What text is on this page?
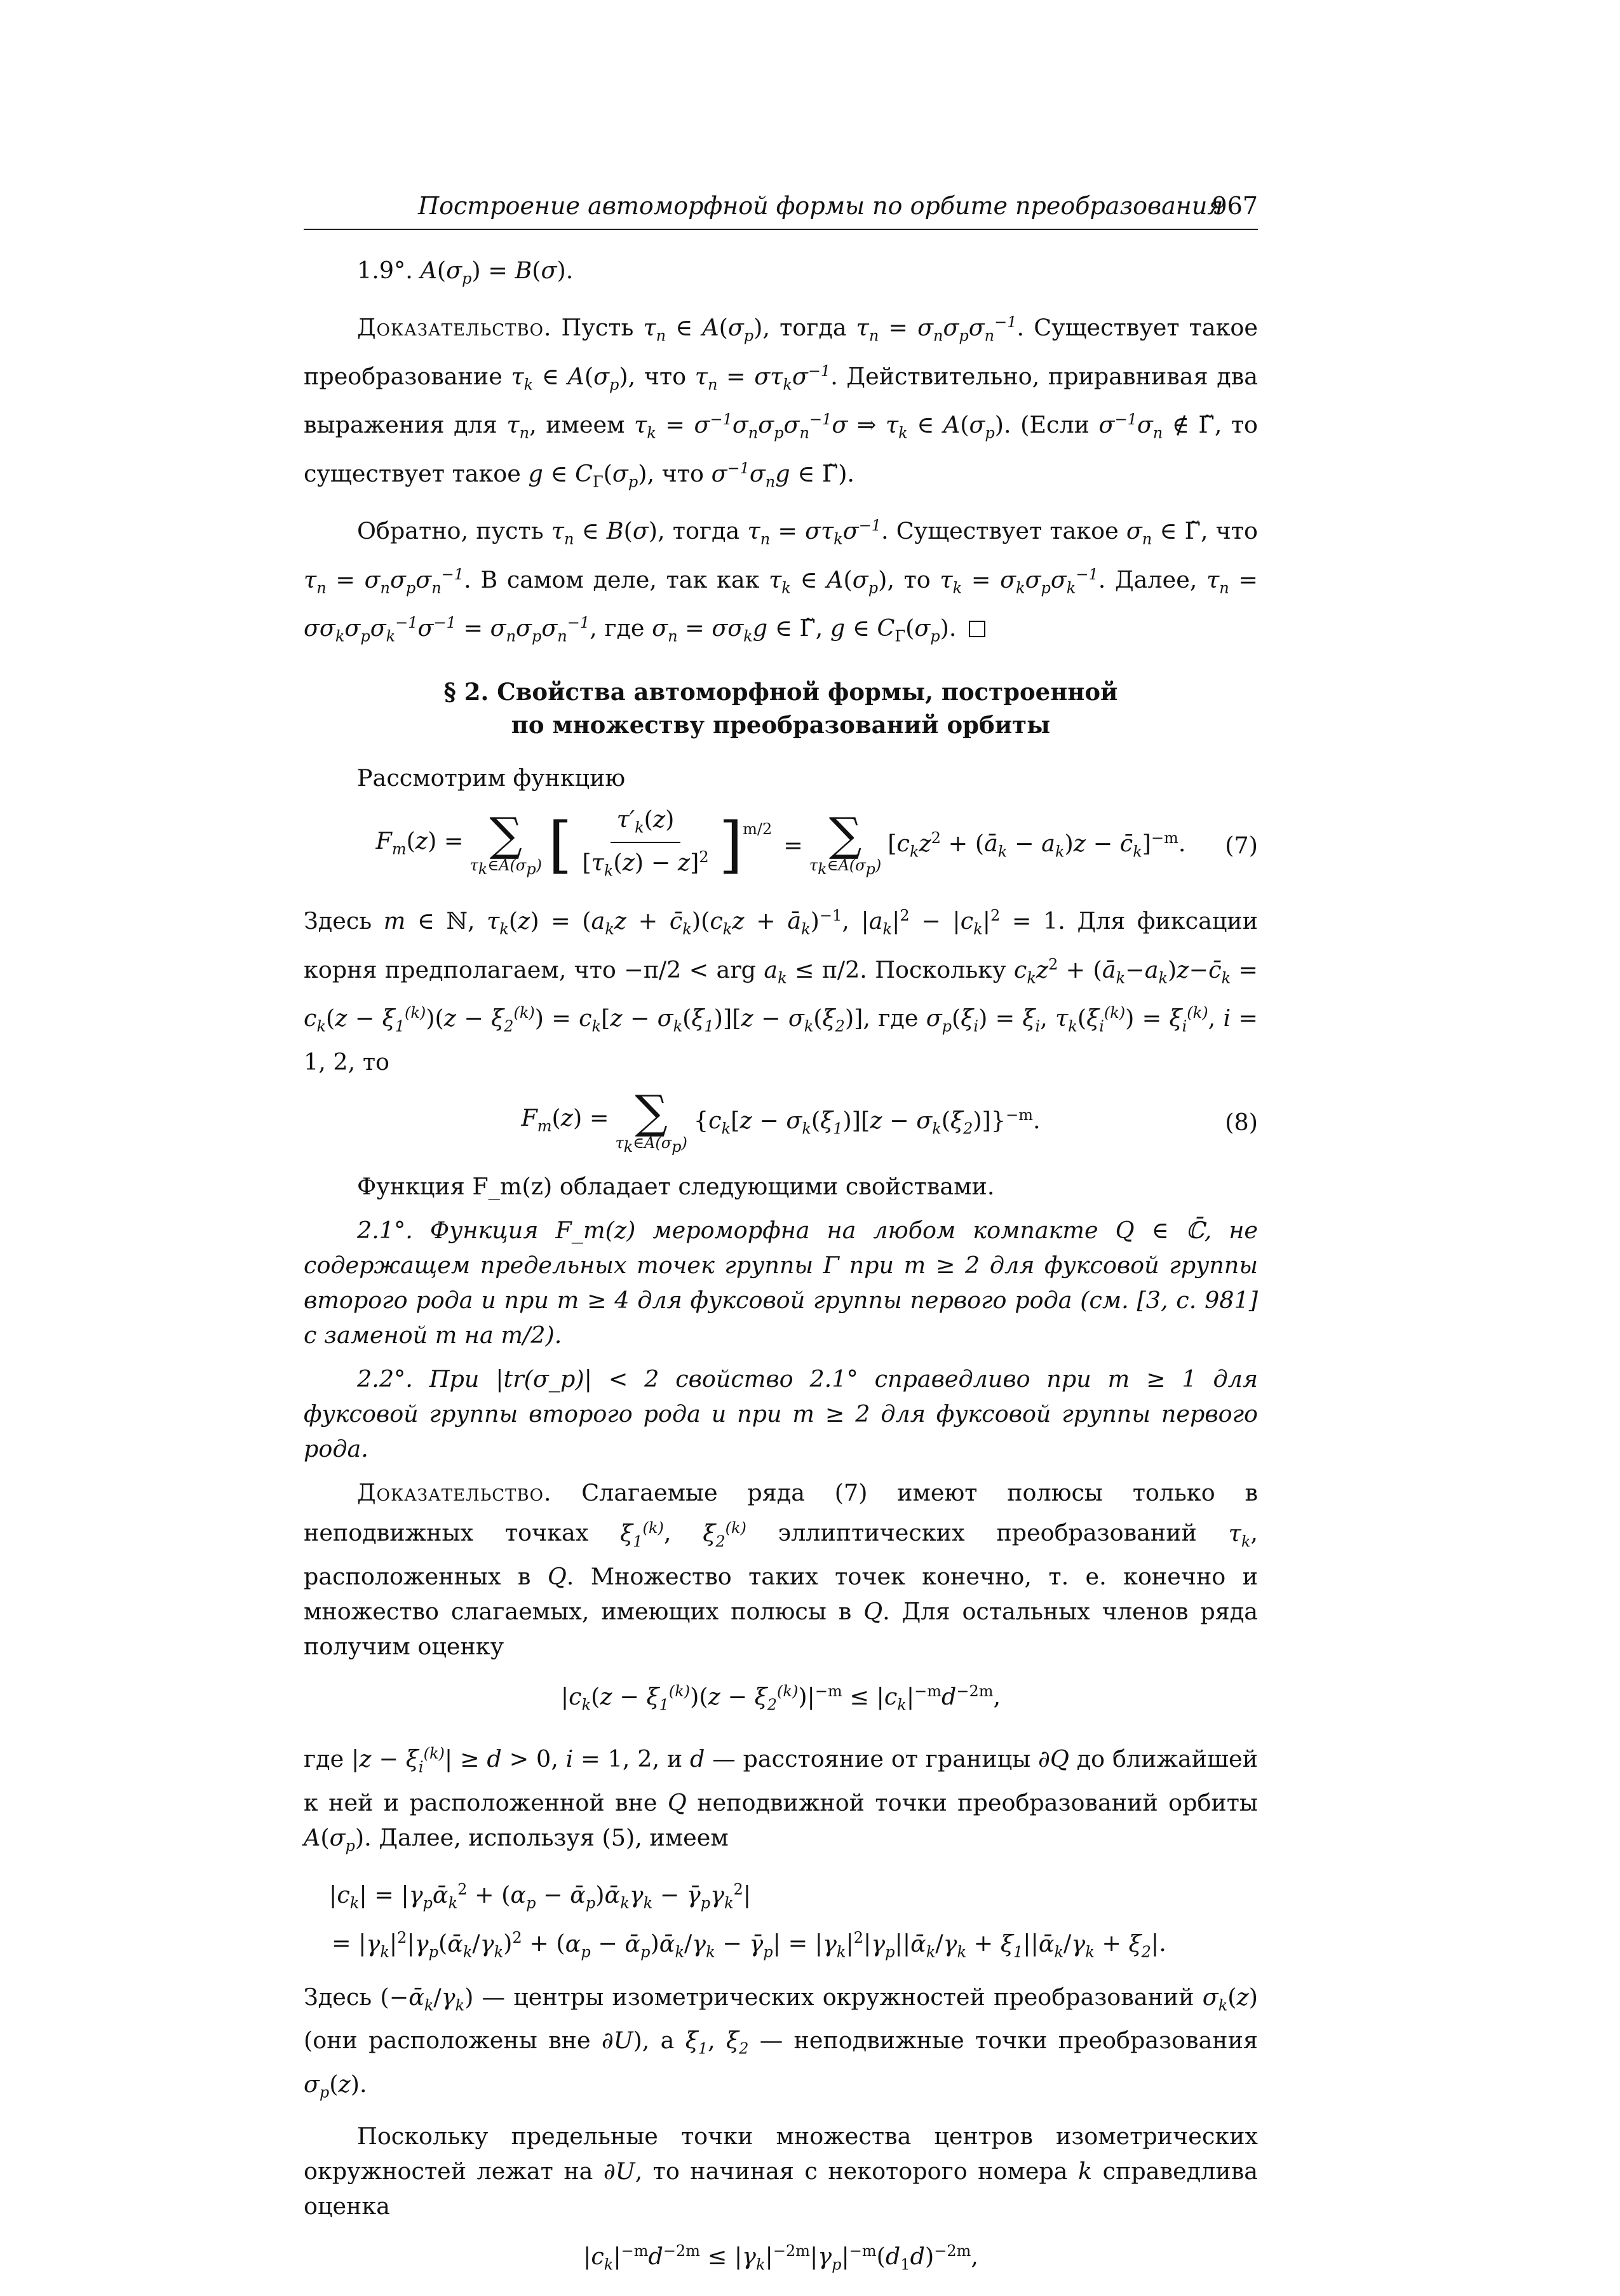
Построение автоморфной формы по орбите преобразования
967

1.9°. $A(\sigma_p) = B(\sigma)$.

Доказательство. Пусть $\tau_n$ ∈ $A(\sigma_p)$, тогда $\tau_n = \sigma_n\sigma_p\sigma_n^{-1}$. Существует такое преобразование $\tau_k$ ∈ $A(\sigma_p)$, что $\tau_n = \sigma\tau_k\sigma^{-1}$. Действительно, приравнивая два выражения для $\tau_n$, имеем $\tau_k = \sigma^{-1}\sigma_n\sigma_p\sigma_n^{-1}\sigma$ ⇒ $\tau_k$ ∈ $A(\sigma_p)$. (Если $\sigma^{-1}\sigma_n$ ∉ Γ̃, то существует такое g ∈ $C_\Gamma(\sigma_p)$, что $\sigma^{-1}\sigma_ng$ ∈ Γ̃).

Обратно, пусть $\tau_n$ ∈ B(σ), тогда $\tau_n = \sigma\tau_k\sigma^{-1}$. Существует такое $\sigma_n$ ∈ Γ̃, что $\tau_n = \sigma_n\sigma_p\sigma_n^{-1}$. В самом деле, так как $\tau_k$ ∈ $A(\sigma_p)$, то $\tau_k = \sigma_k\sigma_p\sigma_k^{-1}$. Далее, $\tau_n = \sigma\sigma_k\sigma_p\sigma_k^{-1}\sigma^{-1} = \sigma_n\sigma_p\sigma_n^{-1}$, где $\sigma_n = \sigma\sigma_kg$ ∈ Γ̃, g ∈ $C_\Gamma(\sigma_p)$.

§ 2. Свойства автоморфной формы, построенной
по множеству преобразований орбиты

Рассмотрим функцию

$F_m(z)$ = ∑
$\tau_k\in A(\sigma_p)$ [ $\frac{\tau'_k(z)}{[\tau_k(z) - z]^2} ]^{m/2}$
= ∑
$\tau_k\in A(\sigma_p)$
[$c_kz^2$ + $(ā_k - a_k)z$ − $c̄_k]^{-m}$. (7)

Здесь m ∈ ℕ, $\tau_k(z) = (a_kz$ + $c̄_k)(c_kz$ + $ā_k)^{-1}$, $|a_k|^2 - |c_k|^2 = 1$. Для фиксации корня предполагаем, что −π/2 < arg $a_k \le \pi/2$. Поскольку $c_kz^2$ + $(ā_k-a_k)z-c̄_k = c_k(z - \xi_1^{(k)})(z - \xi_2^{(k)}) = c_k[z - \sigma_k(\xi_1)][z - \sigma_k(\xi_2)]$, где $\sigma_p(\xi_i) = \xi_i$, $\tau_k(\xi_i^{(k)}) = \xi_i^{(k)}$, i = 1, 2, то

$F_m(z)$ = ∑
$\tau_k\in A(\sigma_p)$
$\{c_k[z - \sigma_k(\xi_1)][z - \sigma_k(\xi_2)]\}^{-m}$.	(8)

Функция F_m(z) обладает следующими свойствами.

2.1°. Функция F_m(z) мероморфна на любом компакте Q ∈ ℂ̄, не содержащем предельных точек группы Γ при m ≥ 2 для фуксовой группы второго рода и при m ≥ 4 для фуксовой группы первого рода (см. [3, с. 981] с заменой m на m/2).

2.2°. При |tr(σ_p)| < 2 свойство 2.1° справедливо при m ≥ 1 для фуксовой группы второго рода и при m ≥ 2 для фуксовой группы первого рода.

Доказательство. Слагаемые ряда (7) имеют полюсы только в неподвижных точках $\xi_1^{(k)}$, $\xi_2^{(k)}$ эллиптических преобразований $\tau_k$, расположенных в Q. Множество таких точек конечно, т. е. конечно и множество слагаемых, имеющих полюсы в Q. Для остальных членов ряда получим оценку

$|c_k(z - \xi_1^{(k)})(z - \xi_2^{(k)})|^{-m} \le |c_k|^{-m}d^{-2m}$,

где $|z - \xi_i^{(k)}| \ge d > 0$, i = 1, 2, и d — расстояние от границы ∂Q до ближайшей к ней и расположенной вне Q неподвижной точки преобразований орбиты $A(\sigma_p)$. Далее, используя (5), имеем

$|c_k|$ = $|\gamma_pᾱ_k^2 + (\alpha_p$ − $ᾱ_p)ᾱ_k\gamma_k$ − $\gammā_p\gamma_k^2|$
= $|\gamma_k|^2|\gamma_p(ᾱ_k/\gamma_k)^2 + (\alpha_p$ − $ᾱ_p)ᾱ_k/\gamma_k$ − $\gammā_p|$ = $|\gamma_k|^2|\gamma_p||ᾱ_k/\gamma_k$ + $\xi_1||ᾱ_k/\gamma_k + \xi_2|$.

Здесь $(-ᾱ_k/\gamma_k)$ — центры изометрических окружностей преобразований $\sigma_k(z)$ (они расположены вне ∂U), а $\xi_1$, $\xi_2$ — неподвижные точки преобразования $\sigma_p(z)$.

Поскольку предельные точки множества центров изометрических окружностей лежат на ∂U, то начиная с некоторого номера k справедлива оценка

$|c_k|^{-m}d^{-2m} \le |\gamma_k|^{-2m}|\gamma_p|^{-m}(d_1d)^{-2m}$,
